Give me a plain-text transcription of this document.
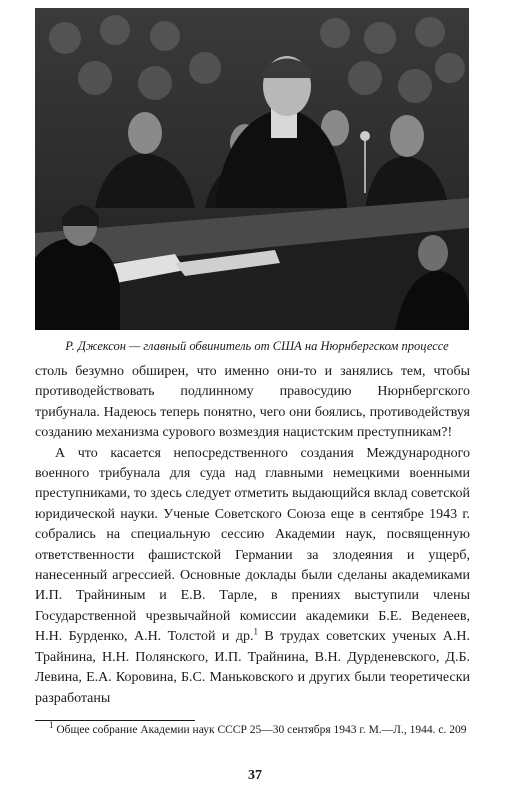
Р. Джексон — главный обвинитель от США на Нюрнбергском процессе

столь безумно обширен, что именно они-то и занялись тем, чтобы противодействовать подлинному правосудию Нюрнбергского трибунала. Надеюсь теперь понятно, чего они боялись, противодействуя созданию механизма сурового возмездия нацистским преступникам?!

А что касается непосредственного создания Международного военного трибунала для суда над главными немецкими военными преступниками, то здесь следует отметить выдающийся вклад советской юридической науки. Ученые Советского Союза еще в сентябре 1943 г. собрались на специальную сессию Академии наук, посвященную ответственности фашистской Германии за злодеяния и ущерб, нанесенный агрессией. Основные доклады были сделаны академиками И.П. Трайниным и Е.В. Тарле, в прениях выступили члены Государственной чрезвычайной комиссии академики Б.Е. Веденеев, Н.Н. Бурденко, А.Н. Толстой и др.$^1$ В трудах советских ученых А.Н. Трайнина, Н.Н. Полянского, И.П. Трайнина, В.Н. Дурденевского, Д.Б. Левина, Е.А. Коровина, Б.С. Маньковского и других были теоретически разработаны

$^1$ Общее собрание Академии наук СССР 25—30 сентября 1943 г. М.—Л., 1944. с. 209
37
